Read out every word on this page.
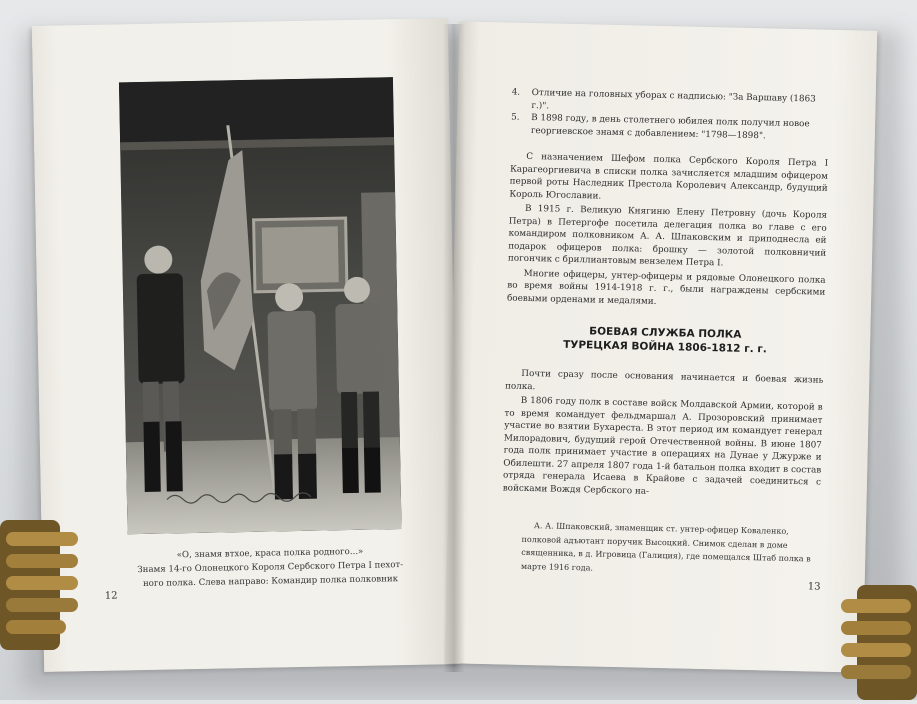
«О, знамя втхое, краса полка родного...»
Знамя 14-го Олонецкого Короля Сербского Петра I пехот-
ного полка. Слева направо: Командир полка полковник
12
4.	Отличие на головных уборах с надписью: "За Варшаву (1863 г.)".
5.	В 1898 году, в день столетнего юбилея полк получил новое георгиевское знамя с добавлением: "1798—1898".

С назначением Шефом полка Сербского Короля Петра I Карагеоргиевича в списки полка зачисляется младшим офицером первой роты Наследник Престола Королевич Александр, будущий Король Югославии.

В 1915 г. Великую Княгиню Елену Петровну (дочь Короля Петра) в Петергофе посетила делегация полка во главе с его командиром полковником А. А. Шпаковским и приподнесла ей подарок офицеров полка: брошку — золотой полковничий погончик с бриллиантовым вензелем Петра I.

Многие офицеры, унтер-офицеры и рядовые Олонецкого полка во время войны 1914-1918 г. г., были награждены сербскими боевыми орденами и медалями.

БОЕВАЯ СЛУЖБА ПОЛКА
ТУРЕЦКАЯ ВОЙНА 1806-1812 г. г.

Почти сразу после основания начинается и боевая жизнь полка.

В 1806 году полк в составе войск Молдавской Армии, которой в то время командует фельдмаршал А. Прозоровский принимает участие во взятии Бухареста. В этот период им командует генерал Милорадович, будущий герой Отечественной войны. В июне 1807 года полк принимает участие в операциях на Дунае у Джурже и Обилешти. 27 апреля 1807 года 1-й батальон полка входит в состав отряда генерала Исаева в Крайове с задачей соединиться с войсками Вождя Сербского на-

А. А. Шпаковский, знаменщик ст. унтер-офицер Коваленко, полковой адъютант поручик Высоцкий. Снимок сделан в доме священника, в д. Игровица (Галиция), где помещался Штаб полка в марте 1916 года.
13
